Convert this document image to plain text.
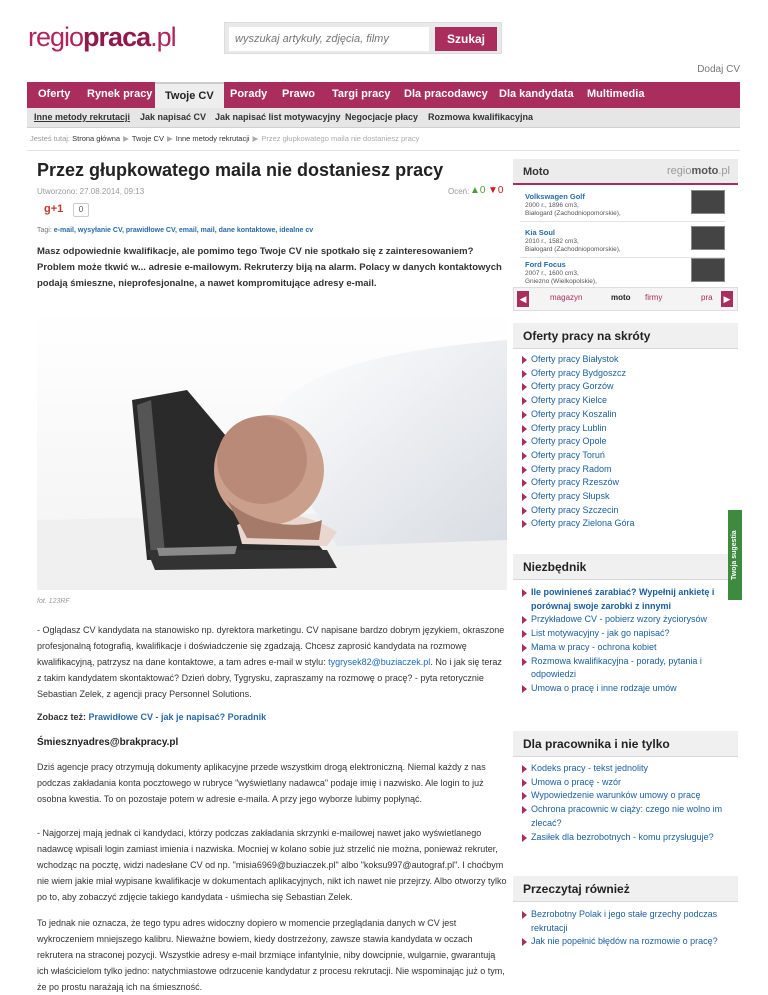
regiopraca.pl
wyszukaj artykuły, zdjęcia, filmy	Szukaj
Dodaj CV
Oferty Rynek pracy	Twoje CV	Porady Prawo Targi pracy Dla pracodawcy Dla kandydata Multimedia
Inne metody rekrutacji Jak napisać CV Jak napisać list motywacyjny Negocjacje płacy Rozmowa kwalifikacyjna
Jesteś tutaj: Strona główna ▶ Twoje CV ▶ Inne metody rekrutacji ▶ Przez głupkowatego maila nie dostaniesz pracy
Przez głupkowatego maila nie dostaniesz pracy
Utworzono: 27.08.2014, 09:13	Oceń: ▲0 ▼0
g+1	0
Tagi: e-mail, wysyłanie CV, prawidłowe CV, email, mail, dane kontaktowe, idealne cv

Masz odpowiednie kwalifikacje, ale pomimo tego Twoje CV nie spotkało się z zainteresowaniem? Problem może tkwić w... adresie e-mailowym. Rekruterzy biją na alarm. Polacy w danych kontaktowych podają śmieszne, nieprofesjonalne, a nawet kompromitujące adresy e-mail.

fot. 123RF

- Oglądasz CV kandydata na stanowisko np. dyrektora marketingu. CV napisane bardzo dobrym językiem, okraszone profesjonalną fotografią, kwalifikacje i doświadczenie się zgadzają. Chcesz zaprosić kandydata na rozmowę kwalifikacyjną, patrzysz na dane kontaktowe, a tam adres e-mail w stylu: tygrysek82@buziaczek.pl. No i jak się teraz z takim kandydatem skontaktować? Dzień dobry, Tygrysku, zapraszamy na rozmowę o pracę? - pyta retorycznie Sebastian Zelek, z agencji pracy Personnel Solutions.

Zobacz też: Prawidłowe CV - jak je napisać? Poradnik
Śmiesznyadres@brakpracy.pl

Dziś agencje pracy otrzymują dokumenty aplikacyjne przede wszystkim drogą elektroniczną. Niemal każdy z nas podczas zakładania konta pocztowego w rubryce "wyświetlany nadawca" podaje imię i nazwisko. Ale login to już osobna kwestia. To on pozostaje potem w adresie e-maila. A przy jego wyborze lubimy popłynąć.

- Najgorzej mają jednak ci kandydaci, którzy podczas zakładania skrzynki e-mailowej nawet jako wyświetlanego nadawcę wpisali login zamiast imienia i nazwiska. Mocniej w kolano sobie już strzelić nie można, ponieważ rekruter, wchodząc na pocztę, widzi nadesłane CV od np. "misia6969@buziaczek.pl" albo "koksu997@autograf.pl". I choćbym nie wiem jakie miał wypisane kwalifikacje w dokumentach aplikacyjnych, nikt ich nawet nie przejrzy. Albo otworzy tylko po to, aby zobaczyć zdjęcie takiego kandydata - uśmiecha się Sebastian Zelek.

To jednak nie oznacza, że tego typu adres widoczny dopiero w momencie przeglądania danych w CV jest wykroczeniem mniejszego kalibru. Nieważne bowiem, kiedy dostrzeżony, zawsze stawia kandydata w oczach rekrutera na straconej pozycji. Wszystkie adresy e-mail brzmiące infantylnie, niby dowcipnie, wulgarnie, gwarantują ich właścicielom tylko jedno: natychmiastowe odrzucenie kandydatur z procesu rekrutacji. Nie wspominając już o tym, że po prostu narażają ich na śmieszność.

Moto	regiomoto.pl
Volkswagen Golf
2000 r., 1896 cm3,
Białogard (Zachodniopomorskie),
Kia Soul
2010 r., 1582 cm3,
Białogard (Zachodniopomorskie),
Ford Focus
2007 r., 1600 cm3,
Gniezno (Wielkopolskie),
◀	magazyn	moto firmy	pra ▶
Oferty pracy na skróty
Oferty pracy Białystok
Oferty pracy Bydgoszcz
Oferty pracy Gorzów
Oferty pracy Kielce
Oferty pracy Koszalin
Oferty pracy Lublin
Oferty pracy Opole
Oferty pracy Toruń
Oferty pracy Radom
Oferty pracy Rzeszów
Oferty pracy Słupsk
Oferty pracy Szczecin
Oferty pracy Zielona Góra
Niezbędnik
Ile powinieneś zarabiać? Wypełnij ankietę i porównaj swoje zarobki z innymi
Przykładowe CV - pobierz wzory życiorysów
List motywacyjny - jak go napisać?
Mama w pracy - ochrona kobiet
Rozmowa kwalifikacyjna - porady, pytania i odpowiedzi
Umowa o pracę i inne rodzaje umów
Dla pracownika i nie tylko
Kodeks pracy - tekst jednolity
Umowa o pracę - wzór
Wypowiedzenie warunków umowy o pracę
Ochrona pracownic w ciąży: czego nie wolno im zlecać?
Zasiłek dla bezrobotnych - komu przysługuje?
Przeczytaj również
Bezrobotny Polak i jego stałe grzechy podczas rekrutacji
Jak nie popełnić błędów na rozmowie o pracę?
Twoja sugestia
